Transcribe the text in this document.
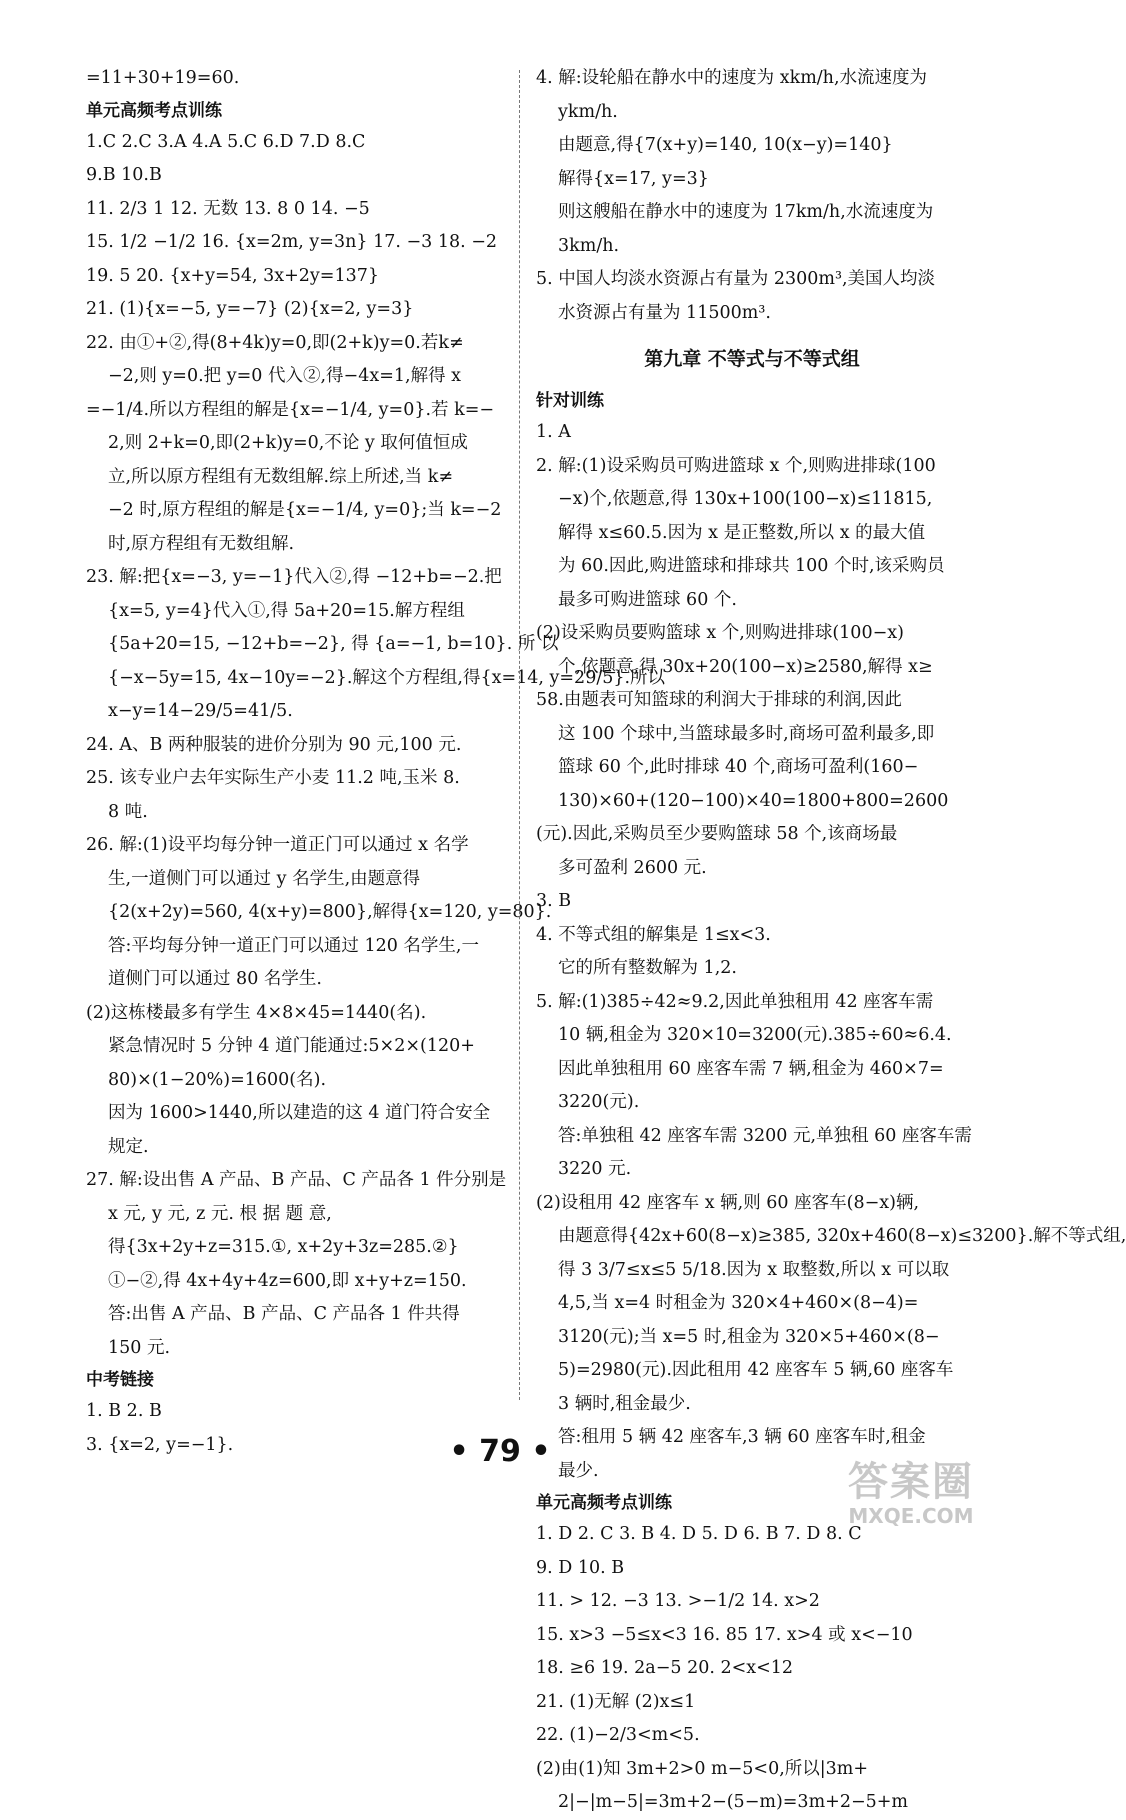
=11+30+19=60.
单元高频考点训练
1.C 2.C 3.A 4.A 5.C 6.D 7.D 8.C
9.B 10.B
11. 2/3 1 12. 无数 13. 8 0 14. −5
15. 1/2 −1/2 16. {x=2m, y=3n} 17. −3 18. −2
19. 5 20. {x+y=54, 3x+2y=137}
21. (1){x=−5, y=−7} (2){x=2, y=3}
22. 由①+②,得(8+4k)y=0,即(2+k)y=0.若k≠
−2,则 y=0.把 y=0 代入②,得−4x=1,解得 x
=−1/4.所以方程组的解是{x=−1/4, y=0}.若 k=−
2,则 2+k=0,即(2+k)y=0,不论 y 取何值恒成
立,所以原方程组有无数组解.综上所述,当 k≠
−2 时,原方程组的解是{x=−1/4, y=0};当 k=−2
时,原方程组有无数组解.
23. 解:把{x=−3, y=−1}代入②,得 −12+b=−2.把
{x=5, y=4}代入①,得 5a+20=15.解方程组
{5a+20=15, −12+b=−2}, 得 {a=−1, b=10}. 所 以
{−x−5y=15, 4x−10y=−2}.解这个方程组,得{x=14, y=29/5}.所以
x−y=14−29/5=41/5.
24. A、B 两种服装的进价分别为 90 元,100 元.
25. 该专业户去年实际生产小麦 11.2 吨,玉米 8.
8 吨.
26. 解:(1)设平均每分钟一道正门可以通过 x 名学
生,一道侧门可以通过 y 名学生,由题意得
{2(x+2y)=560, 4(x+y)=800},解得{x=120, y=80}.
答:平均每分钟一道正门可以通过 120 名学生,一
道侧门可以通过 80 名学生.
(2)这栋楼最多有学生 4×8×45=1440(名).
紧急情况时 5 分钟 4 道门能通过:5×2×(120+
80)×(1−20%)=1600(名).
因为 1600>1440,所以建造的这 4 道门符合安全
规定.
27. 解:设出售 A 产品、B 产品、C 产品各 1 件分别是
x 元, y 元, z 元. 根 据 题 意,
得{3x+2y+z=315.①, x+2y+3z=285.②}
①−②,得 4x+4y+4z=600,即 x+y+z=150.
答:出售 A 产品、B 产品、C 产品各 1 件共得
150 元.
中考链接
1. B 2. B
3. {x=2, y=−1}.
4. 解:设轮船在静水中的速度为 xkm/h,水流速度为
ykm/h.
由题意,得{7(x+y)=140, 10(x−y)=140}
解得{x=17, y=3}
则这艘船在静水中的速度为 17km/h,水流速度为
3km/h.
5. 中国人均淡水资源占有量为 2300m³,美国人均淡
水资源占有量为 11500m³.
第九章 不等式与不等式组
针对训练
1. A
2. 解:(1)设采购员可购进篮球 x 个,则购进排球(100
−x)个,依题意,得 130x+100(100−x)≤11815,
解得 x≤60.5.因为 x 是正整数,所以 x 的最大值
为 60.因此,购进篮球和排球共 100 个时,该采购员
最多可购进篮球 60 个.
(2)设采购员要购篮球 x 个,则购进排球(100−x)
个,依题意,得 30x+20(100−x)≥2580,解得 x≥
58.由题表可知篮球的利润大于排球的利润,因此
这 100 个球中,当篮球最多时,商场可盈利最多,即
篮球 60 个,此时排球 40 个,商场可盈利(160−
130)×60+(120−100)×40=1800+800=2600
(元).因此,采购员至少要购篮球 58 个,该商场最
多可盈利 2600 元.
3. B
4. 不等式组的解集是 1≤x<3.
它的所有整数解为 1,2.
5. 解:(1)385÷42≈9.2,因此单独租用 42 座客车需
10 辆,租金为 320×10=3200(元).385÷60≈6.4.
因此单独租用 60 座客车需 7 辆,租金为 460×7=
3220(元).
答:单独租 42 座客车需 3200 元,单独租 60 座客车需
3220 元.
(2)设租用 42 座客车 x 辆,则 60 座客车(8−x)辆,
由题意得{42x+60(8−x)≥385, 320x+460(8−x)≤3200}.解不等式组,
得 3 3/7≤x≤5 5/18.因为 x 取整数,所以 x 可以取
4,5,当 x=4 时租金为 320×4+460×(8−4)=
3120(元);当 x=5 时,租金为 320×5+460×(8−
5)=2980(元).因此租用 42 座客车 5 辆,60 座客车
3 辆时,租金最少.
答:租用 5 辆 42 座客车,3 辆 60 座客车时,租金
最少.
单元高频考点训练
1. D 2. C 3. B 4. D 5. D 6. B 7. D 8. C
9. D 10. B
11. > 12. −3 13. >−1/2 14. x>2
15. x>3 −5≤x<3 16. 85 17. x>4 或 x<−10
18. ≥6 19. 2a−5 20. 2<x<12
21. (1)无解 (2)x≤1
22. (1)−2/3<m<5.
(2)由(1)知 3m+2>0 m−5<0,所以|3m+
2|−|m−5|=3m+2−(5−m)=3m+2−5+m
• 79 •
答案圈
MXQE.COM
